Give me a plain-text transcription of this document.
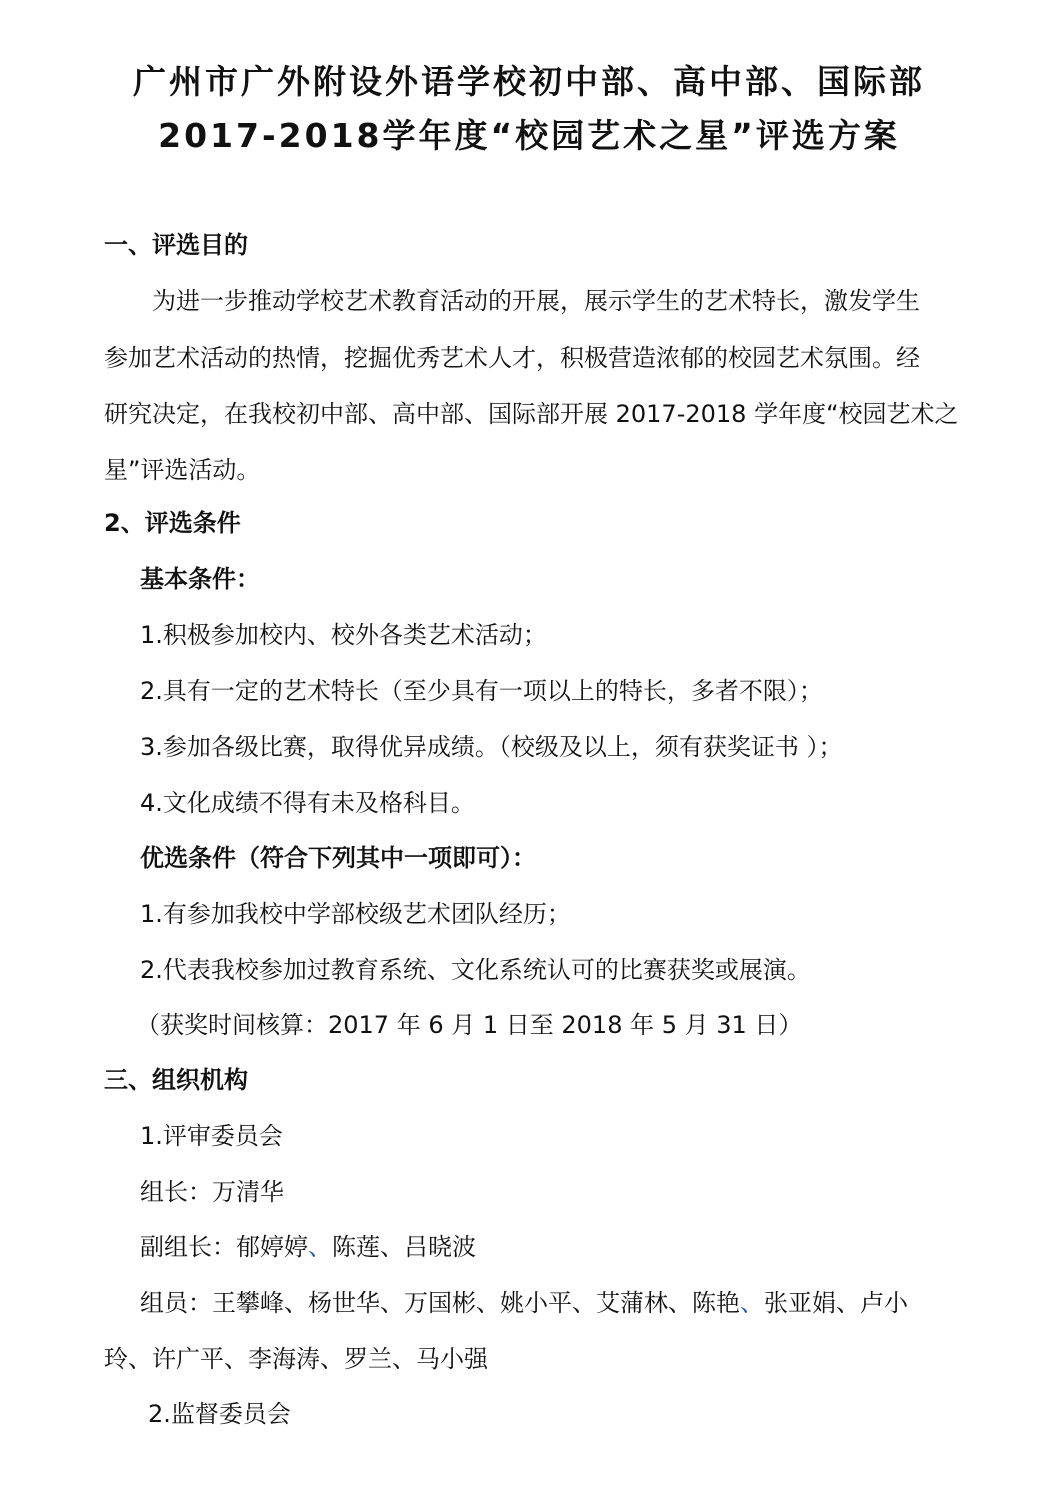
广州市广外附设外语学校初中部、高中部、国际部
2017-2018学年度“校园艺术之星”评选方案
一、评选目的
为进一步推动学校艺术教育活动的开展，展示学生的艺术特长，激发学生
参加艺术活动的热情，挖掘优秀艺术人才，积极营造浓郁的校园艺术氛围。经
研究决定，在我校初中部、高中部、国际部开展 2017-2018 学年度“校园艺术之
星”评选活动。
2、评选条件
基本条件：
1.积极参加校内、校外各类艺术活动；
2.具有一定的艺术特长（至少具有一项以上的特长，多者不限）；
3.参加各级比赛，取得优异成绩。（校级及以上，须有获奖证书 ）；
4.文化成绩不得有未及格科目。
优选条件（符合下列其中一项即可）：
1.有参加我校中学部校级艺术团队经历；
2.代表我校参加过教育系统、文化系统认可的比赛获奖或展演。
（获奖时间核算：2017 年 6 月 1 日至 2018 年 5 月 31 日）
三、组织机构
1.评审委员会
组长：万清华
副组长：郁婷婷、陈莲、吕晓波
组员：王攀峰、杨世华、万国彬、姚小平、艾蒲林、陈艳、张亚娟、卢小
玲、许广平、李海涛、罗兰、马小强
2.监督委员会
